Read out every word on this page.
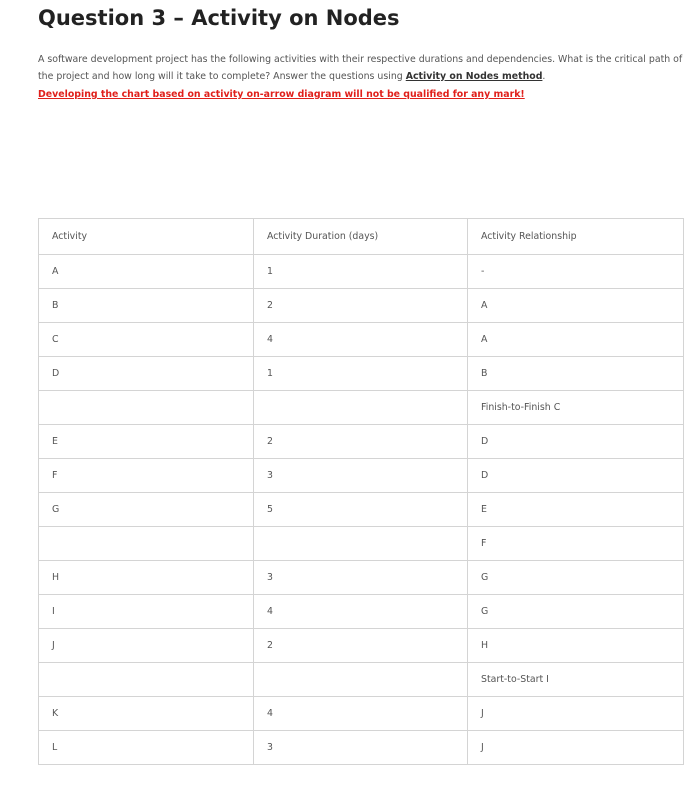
Question 3 – Activity on Nodes

A software development project has the following activities with their respective durations and dependencies. What is the critical path of the project and how long will it take to complete? Answer the questions using Activity on Nodes method.

Developing the chart based on activity on-arrow diagram will not be qualified for any mark!

Activity	Activity Duration (days)	Activity Relationship
A	1	-
B	2	A
C	4	A
D	1	B
		Finish-to-Finish C
E	2	D
F	3	D
G	5	E
		F
H	3	G
I	4	G
J	2	H
		Start-to-Start I
K	4	J
L	3	J
